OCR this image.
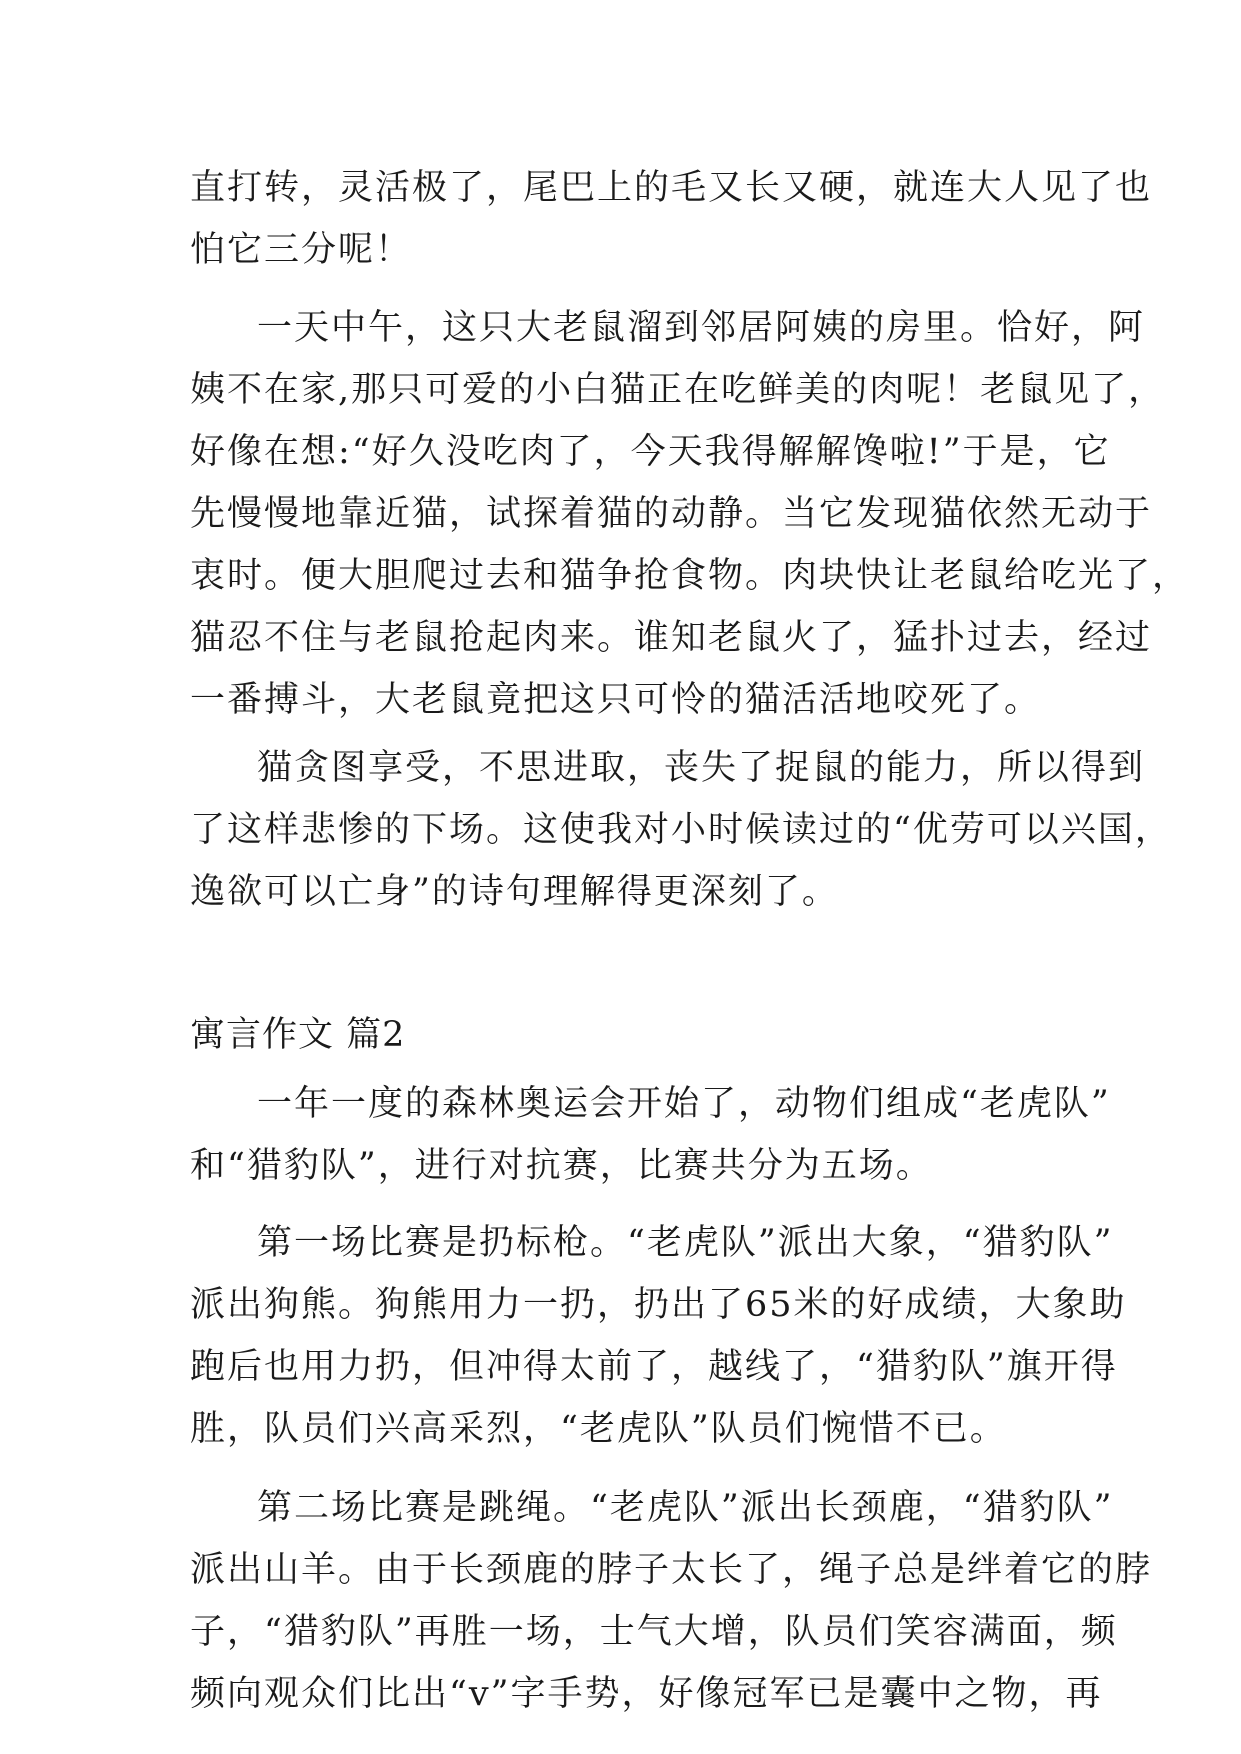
直打转，灵活极了，尾巴上的毛又长又硬，就连大人见了也
怕它三分呢！
一天中午，这只大老鼠溜到邻居阿姨的房里。恰好，阿
姨不在家,那只可爱的小白猫正在吃鲜美的肉呢！老鼠见了，
好像在想:“好久没吃肉了，今天我得解解馋啦!”于是，它
先慢慢地靠近猫，试探着猫的动静。当它发现猫依然无动于
衷时。便大胆爬过去和猫争抢食物。肉块快让老鼠给吃光了，
猫忍不住与老鼠抢起肉来。谁知老鼠火了，猛扑过去，经过
一番搏斗，大老鼠竟把这只可怜的猫活活地咬死了。
猫贪图享受，不思进取，丧失了捉鼠的能力，所以得到
了这样悲惨的下场。这使我对小时候读过的“优劳可以兴国，
逸欲可以亡身”的诗句理解得更深刻了。
寓言作文 篇2
一年一度的森林奥运会开始了，动物们组成“老虎队”
和“猎豹队”，进行对抗赛，比赛共分为五场。
第一场比赛是扔标枪。“老虎队”派出大象，“猎豹队”
派出狗熊。狗熊用力一扔，扔出了65米的好成绩，大象助
跑后也用力扔，但冲得太前了，越线了，“猎豹队”旗开得
胜，队员们兴高采烈，“老虎队”队员们惋惜不已。
第二场比赛是跳绳。“老虎队”派出长颈鹿，“猎豹队”
派出山羊。由于长颈鹿的脖子太长了，绳子总是绊着它的脖
子，“猎豹队”再胜一场，士气大增，队员们笑容满面，频
频向观众们比出“v”字手势，好像冠军已是囊中之物，再
